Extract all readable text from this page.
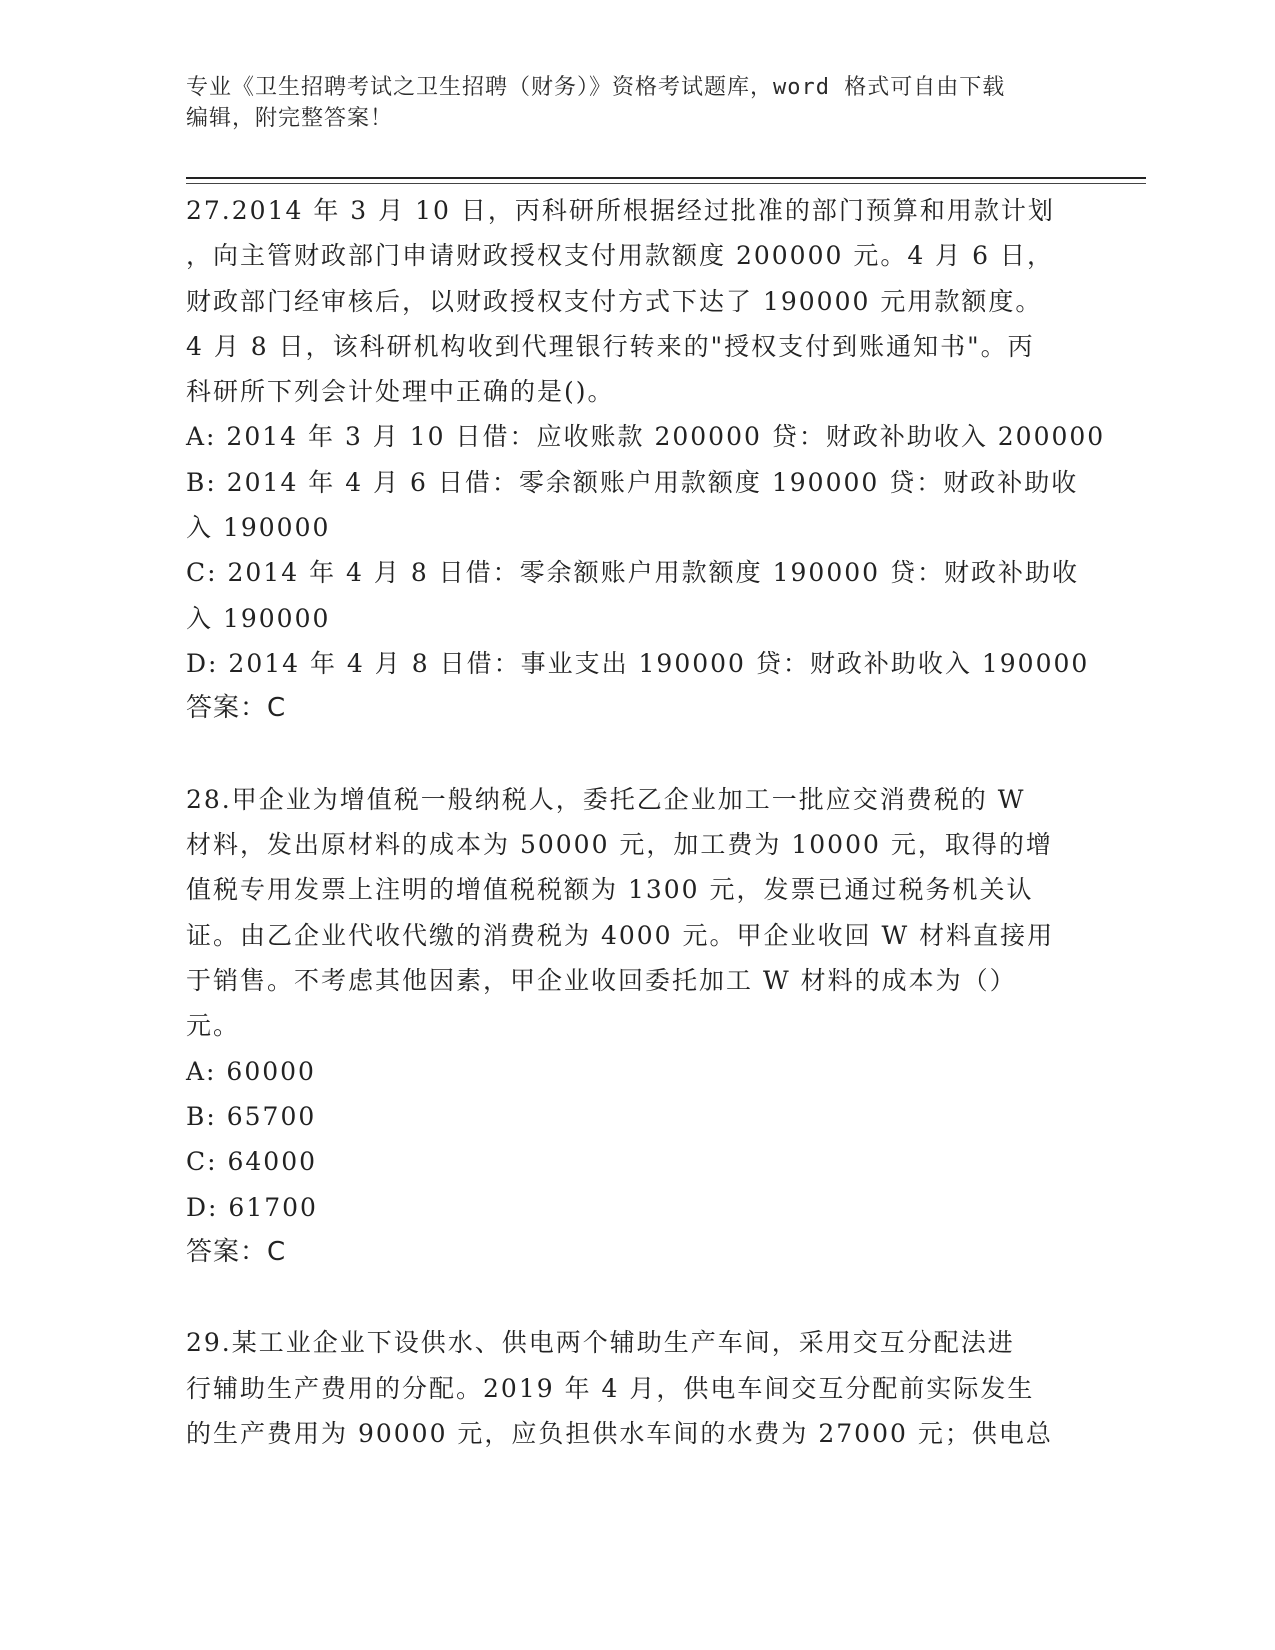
专业《卫生招聘考试之卫生招聘（财务）》资格考试题库，word 格式可自由下载
编辑，附完整答案！
27.2014 年 3 月 10 日，丙科研所根据经过批准的部门预算和用款计划
，向主管财政部门申请财政授权支付用款额度 200000 元。4 月 6 日，
财政部门经审核后，以财政授权支付方式下达了 190000 元用款额度。
4 月 8 日，该科研机构收到代理银行转来的"授权支付到账通知书"。丙
科研所下列会计处理中正确的是()。
A: 2014 年 3 月 10 日借：应收账款 200000 贷：财政补助收入 200000
B: 2014 年 4 月 6 日借：零余额账户用款额度 190000 贷：财政补助收
入 190000
C: 2014 年 4 月 8 日借：零余额账户用款额度 190000 贷：财政补助收
入 190000
D: 2014 年 4 月 8 日借：事业支出 190000 贷：财政补助收入 190000
答案：C
28.甲企业为增值税一般纳税人，委托乙企业加工一批应交消费税的 W
材料，发出原材料的成本为 50000 元，加工费为 10000 元，取得的增
值税专用发票上注明的增值税税额为 1300 元，发票已通过税务机关认
证。由乙企业代收代缴的消费税为 4000 元。甲企业收回 W 材料直接用
于销售。不考虑其他因素，甲企业收回委托加工 W 材料的成本为（）
元。
A: 60000
B: 65700
C: 64000
D: 61700
答案：C
29.某工业企业下设供水、供电两个辅助生产车间，采用交互分配法进
行辅助生产费用的分配。2019 年 4 月，供电车间交互分配前实际发生
的生产费用为 90000 元，应负担供水车间的水费为 27000 元；供电总
